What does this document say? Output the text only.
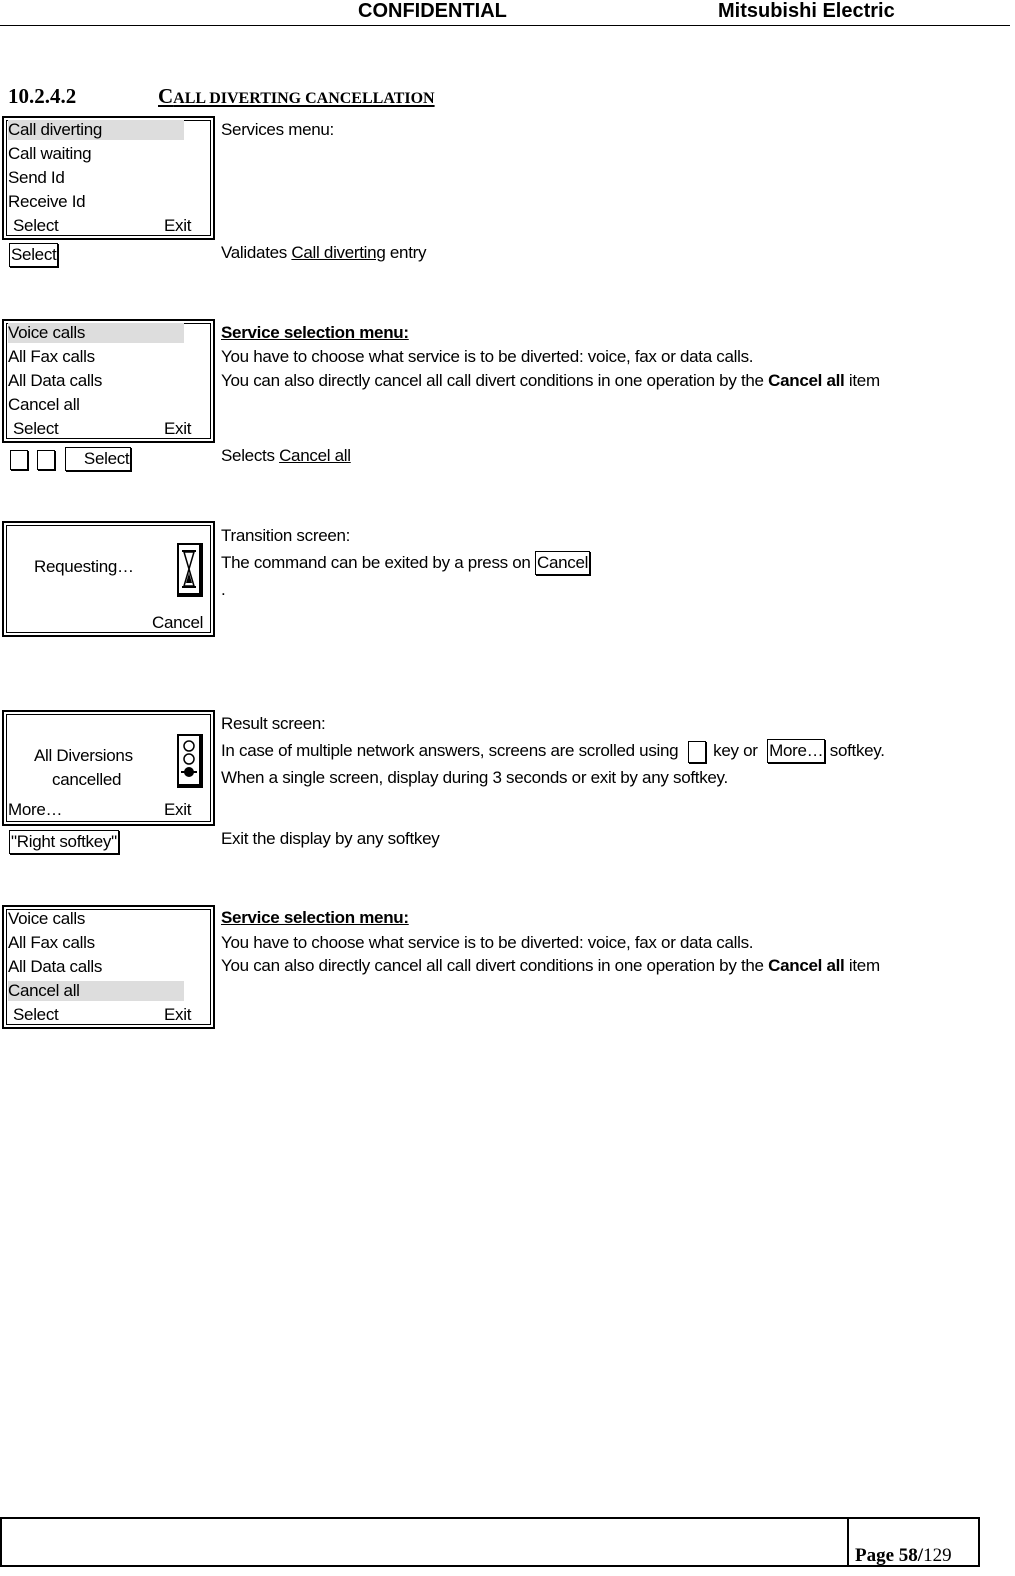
CONFIDENTIAL	Mitsubishi Electric
10.2.4.2	CALL DIVERTING CANCELLATION
Call diverting
Call waiting
Send Id
Receive Id
Select	Exit
Services menu:
Select	Validates Call diverting entry
Voice calls
All Fax calls
All Data calls
Cancel all
Select	Exit
Service selection menu:
You have to choose what service is to be diverted: voice, fax or data calls.
You can also directly cancel all call divert conditions in one operation by the Cancel all item
Select	Selects Cancel all
Requesting…
Cancel
Transition screen:
The command can be exited by a press on Cancel
.
All Diversions
cancelled
More…	Exit
Result screen:
In case of multiple network answers, screens are scrolled using  key or More… softkey.
When a single screen, display during 3 seconds or exit by any softkey.
"Right softkey"	Exit the display by any softkey
Voice calls
All Fax calls
All Data calls
Cancel all
Select	Exit
Service selection menu:
You have to choose what service is to be diverted: voice, fax or data calls.
You can also directly cancel all call divert conditions in one operation by the Cancel all item
Page 58/129
